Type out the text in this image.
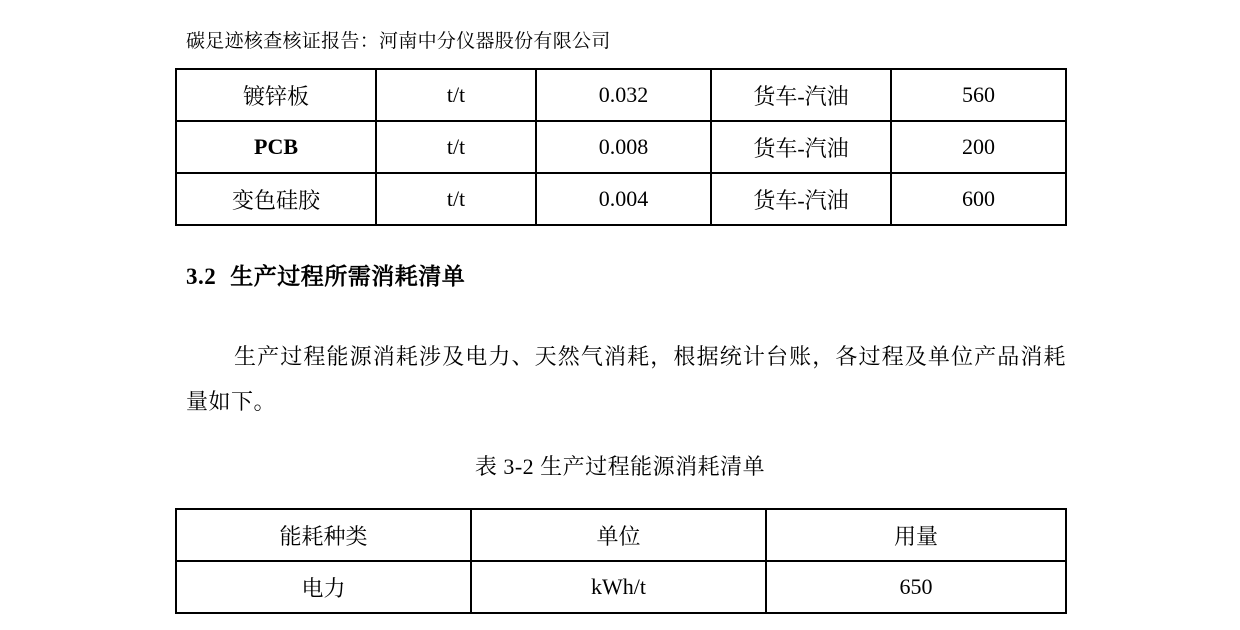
碳足迹核查核证报告：河南中分仪器股份有限公司
镀锌板	t/t	0.032	货车-汽油	560
PCB	t/t	0.008	货车-汽油	200
变色硅胶	t/t	0.004	货车-汽油	600
3.2 生产过程所需消耗清单
生产过程能源消耗涉及电力、天然气消耗，根据统计台账，各过程及单位产品消耗量如下。
表 3-2 生产过程能源消耗清单
能耗种类	单位	用量
电力	kWh/t	650
